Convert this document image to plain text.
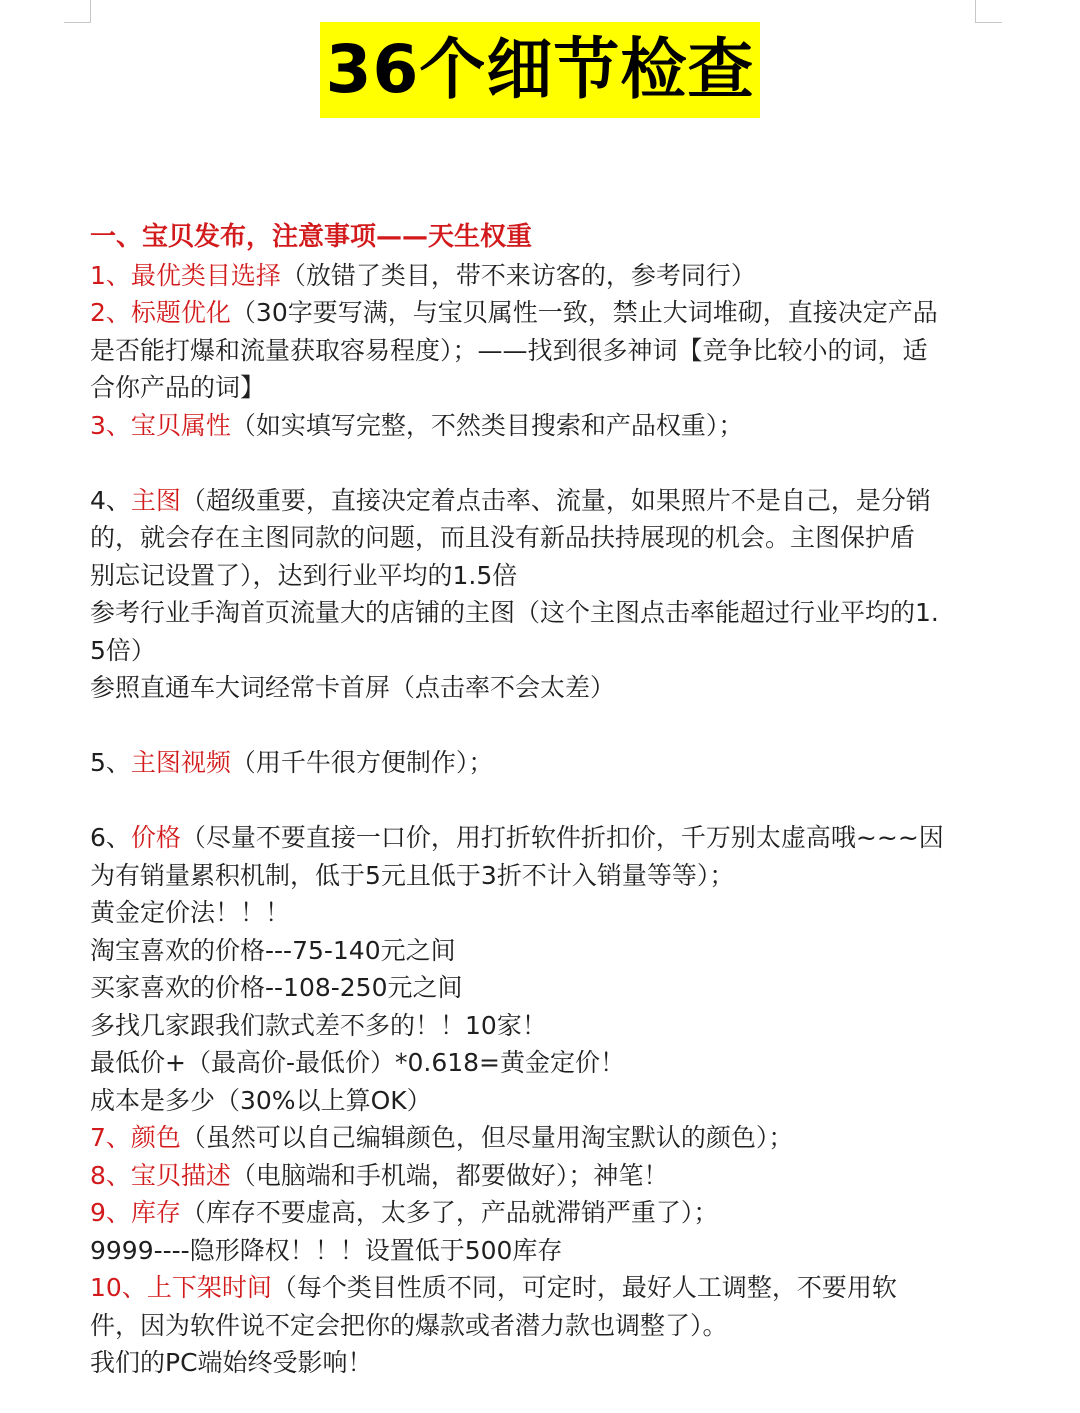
36个细节检查
一、宝贝发布，注意事项——天生权重
1、最优类目选择（放错了类目，带不来访客的，参考同行）
2、标题优化（30字要写满，与宝贝属性一致，禁止大词堆砌，直接决定产品
是否能打爆和流量获取容易程度）；——找到很多神词【竞争比较小的词，适
合你产品的词】
3、宝贝属性（如实填写完整，不然类目搜索和产品权重）；
4、主图（超级重要，直接决定着点击率、流量，如果照片不是自己，是分销
的，就会存在主图同款的问题，而且没有新品扶持展现的机会。主图保护盾
别忘记设置了），达到行业平均的1.5倍
参考行业手淘首页流量大的店铺的主图（这个主图点击率能超过行业平均的1.
5倍）
参照直通车大词经常卡首屏（点击率不会太差）
5、主图视频（用千牛很方便制作）；
6、价格（尽量不要直接一口价，用打折软件折扣价，千万别太虚高哦~~~因
为有销量累积机制，低于5元且低于3折不计入销量等等）；
黄金定价法！！！
淘宝喜欢的价格---75-140元之间
买家喜欢的价格--108-250元之间
多找几家跟我们款式差不多的！！10家！
最低价+（最高价-最低价）*0.618=黄金定价！
成本是多少（30%以上算OK）
7、颜色（虽然可以自己编辑颜色，但尽量用淘宝默认的颜色）；
8、宝贝描述（电脑端和手机端，都要做好）；神笔！
9、库存（库存不要虚高，太多了，产品就滞销严重了）；
9999----隐形降权！！！设置低于500库存
10、上下架时间（每个类目性质不同，可定时，最好人工调整，不要用软
件，因为软件说不定会把你的爆款或者潜力款也调整了）。
我们的PC端始终受影响！
